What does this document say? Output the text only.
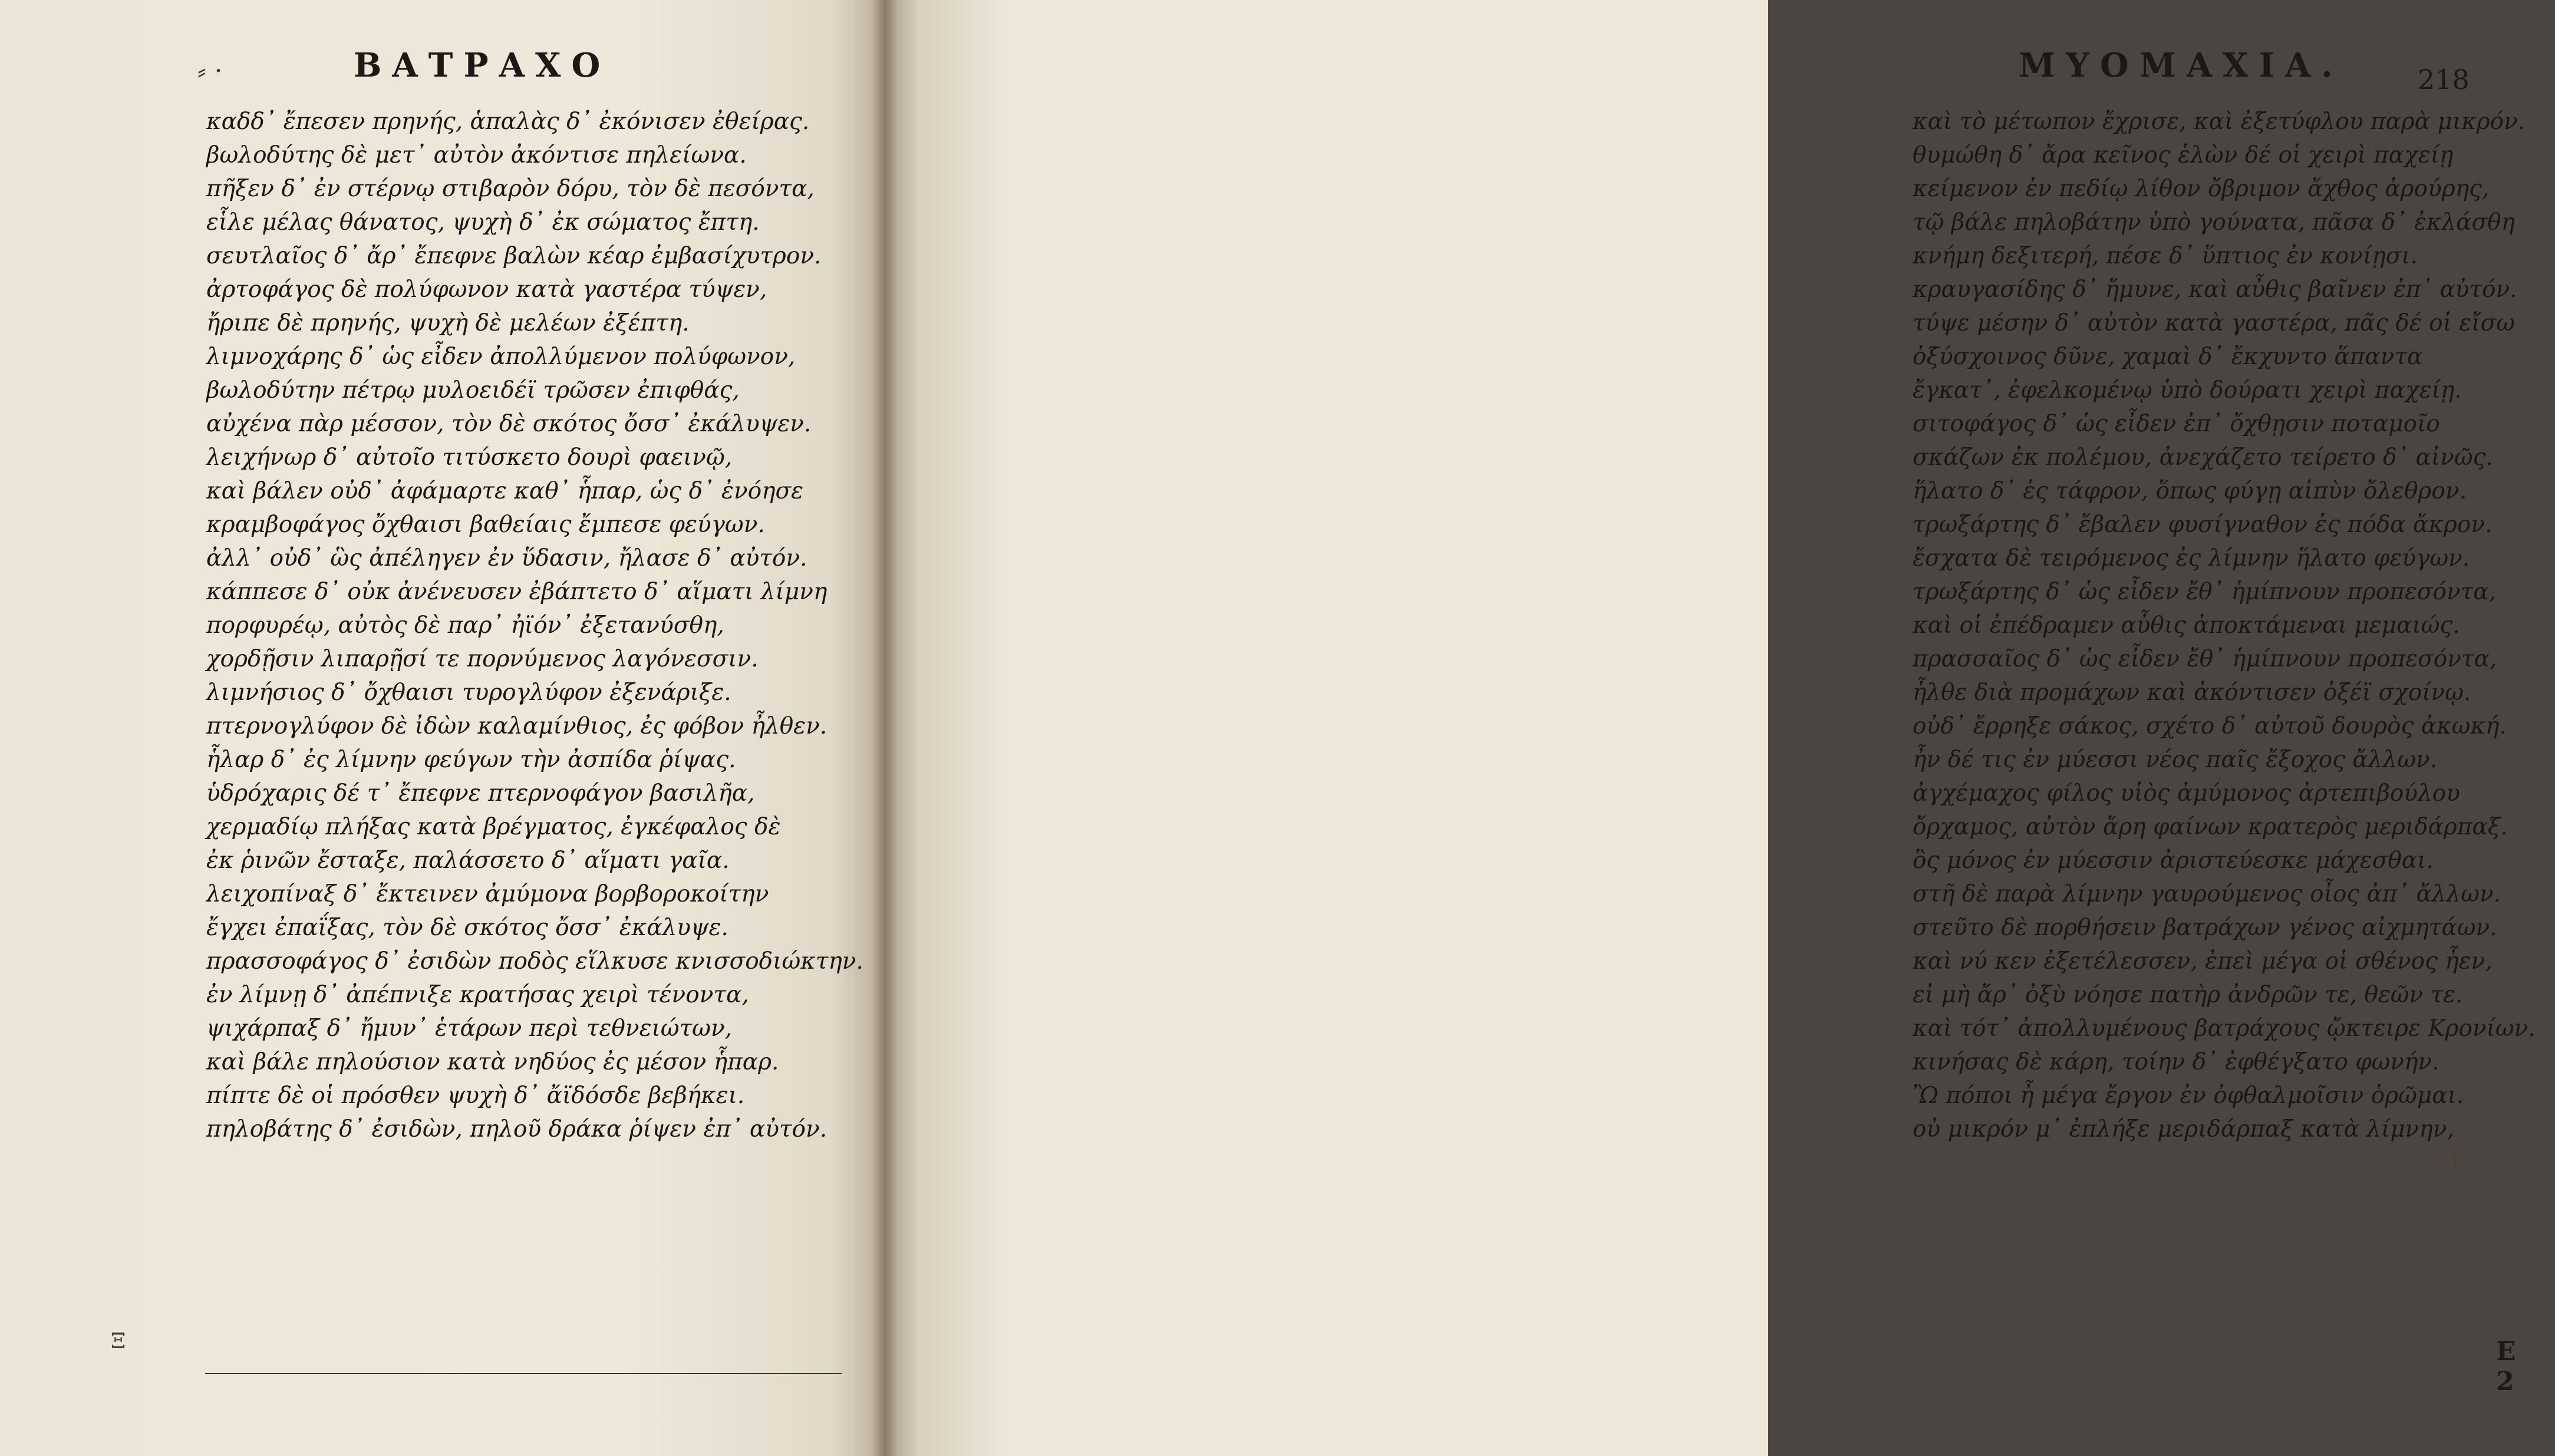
⸗ ·	ΒΑΤΡΑΧΟ
καδδ᾽ ἔπεσεν πρηνής, ἁπαλὰς δ᾽ ἐκόνισεν ἐθείρας.
βωλοδύτης δὲ μετ᾽ αὐτὸν ἀκόντισε πηλείωνα.
πῆξεν δ᾽ ἐν στέρνῳ στιβαρὸν δόρυ, τὸν δὲ πεσόντα,
εἷλε μέλας θάνατος, ψυχὴ δ᾽ ἐκ σώματος ἔπτη.
σευτλαῖος δ᾽ ἄρ᾽ ἔπεφνε βαλὼν κέαρ ἐμβασίχυτρον.
ἀρτοφάγος δὲ πολύφωνον κατὰ γαστέρα τύψεν,
ἤριπε δὲ πρηνής, ψυχὴ δὲ μελέων ἐξέπτη.
λιμνοχάρης δ᾽ ὡς εἶδεν ἀπολλύμενον πολύφωνον,
βωλοδύτην πέτρῳ μυλοειδέϊ τρῶσεν ἐπιφθάς,
αὐχένα πὰρ μέσσον, τὸν δὲ σκότος ὄσσ᾽ ἐκάλυψεν.
λειχήνωρ δ᾽ αὐτοῖο τιτύσκετο δουρὶ φαεινῷ,
καὶ βάλεν οὐδ᾽ ἀφάμαρτε καθ᾽ ἧπαρ, ὡς δ᾽ ἐνόησε
κραμβοφάγος ὄχθαισι βαθείαις ἔμπεσε φεύγων.
ἀλλ᾽ οὐδ᾽ ὣς ἀπέληγεν ἐν ὕδασιν, ἤλασε δ᾽ αὐτόν.
κάππεσε δ᾽ οὐκ ἀνένευσεν ἐβάπτετο δ᾽ αἵματι λίμνη
πορφυρέῳ, αὐτὸς δὲ παρ᾽ ἠϊόν᾽ ἐξετανύσθη,
χορδῇσιν λιπαρῇσί τε πορνύμενος λαγόνεσσιν.
λιμνήσιος δ᾽ ὄχθαισι τυρογλύφον ἐξενάριξε.
πτερνογλύφον δὲ ἰδὼν καλαμίνθιος, ἐς φόβον ἦλθεν.
ἧλαρ δ᾽ ἐς λίμνην φεύγων τὴν ἀσπίδα ῥίψας.
ὑδρόχαρις δέ τ᾽ ἔπεφνε πτερνοφάγον βασιλῆα,
χερμαδίῳ πλήξας κατὰ βρέγματος, ἐγκέφαλος δὲ
ἐκ ῥινῶν ἔσταξε, παλάσσετο δ᾽ αἵματι γαῖα.
λειχοπίναξ δ᾽ ἔκτεινεν ἀμύμονα βορβοροκοίτην
ἔγχει ἐπαΐξας, τὸν δὲ σκότος ὄσσ᾽ ἐκάλυψε.
πρασσοφάγος δ᾽ ἐσιδὼν ποδὸς εἵλκυσε κνισσοδιώκτην.
ἐν λίμνῃ δ᾽ ἀπέπνιξε κρατήσας χειρὶ τένοντα,
ψιχάρπαξ δ᾽ ἤμυν᾽ ἑτάρων περὶ τεθνειώτων,
καὶ βάλε πηλούσιον κατὰ νηδύος ἐς μέσον ἧπαρ.
πίπτε δὲ οἱ πρόσθεν ψυχὴ δ᾽ ἄϊδόσδε βεβήκει.
πηλοβάτης δ᾽ ἐσιδὼν, πηλοῦ δράκα ῥίψεν ἐπ᾽ αὐτόν.
Ξ
ΜΥΟΜΑΧΙΑ.	218
καὶ τὸ μέτωπον ἔχρισε, καὶ ἐξετύφλου παρὰ μικρόν.
θυμώθη δ᾽ ἄρα κεῖνος ἑλὼν δέ οἱ χειρὶ παχείῃ
κείμενον ἐν πεδίῳ λίθον ὄβριμον ἄχθος ἀρούρης,
τῷ βάλε πηλοβάτην ὑπὸ γούνατα, πᾶσα δ᾽ ἐκλάσθη
κνήμη δεξιτερή, πέσε δ᾽ ὕπτιος ἐν κονίῃσι.
κραυγασίδης δ᾽ ἤμυνε, καὶ αὖθις βαῖνεν ἐπ᾽ αὐτόν.
τύψε μέσην δ᾽ αὐτὸν κατὰ γαστέρα, πᾶς δέ οἱ εἴσω
ὀξύσχοινος δῦνε, χαμαὶ δ᾽ ἔκχυντο ἅπαντα
ἔγκατ᾽, ἐφελκομένῳ ὑπὸ δούρατι χειρὶ παχείῃ.
σιτοφάγος δ᾽ ὡς εἶδεν ἐπ᾽ ὄχθῃσιν ποταμοῖο
σκάζων ἐκ πολέμου, ἀνεχάζετο τείρετο δ᾽ αἰνῶς.
ἥλατο δ᾽ ἐς τάφρον, ὅπως φύγῃ αἰπὺν ὄλεθρον.
τρωξάρτης δ᾽ ἔβαλεν φυσίγναθον ἐς πόδα ἄκρον.
ἔσχατα δὲ τειρόμενος ἐς λίμνην ἥλατο φεύγων.
τρωξάρτης δ᾽ ὡς εἶδεν ἔθ᾽ ἡμίπνουν προπεσόντα,
καὶ οἱ ἐπέδραμεν αὖθις ἀποκτάμεναι μεμαιώς.
πρασσαῖος δ᾽ ὡς εἶδεν ἔθ᾽ ἡμίπνουν προπεσόντα,
ἦλθε διὰ προμάχων καὶ ἀκόντισεν ὀξέϊ σχοίνῳ.
οὐδ᾽ ἔρρηξε σάκος, σχέτο δ᾽ αὐτοῦ δουρὸς ἀκωκή.
ἦν δέ τις ἐν μύεσσι νέος παῖς ἔξοχος ἄλλων.
ἀγχέμαχος φίλος υἱὸς ἀμύμονος ἀρτεπιβούλου
ὄρχαμος, αὐτὸν ἄρη φαίνων κρατερὸς μεριδάρπαξ.
ὃς μόνος ἐν μύεσσιν ἀριστεύεσκε μάχεσθαι.
στῆ δὲ παρὰ λίμνην γαυρούμενος οἶος ἀπ᾽ ἄλλων.
στεῦτο δὲ πορθήσειν βατράχων γένος αἰχμητάων.
καὶ νύ κεν ἐξετέλεσσεν, ἐπεὶ μέγα οἱ σθένος ἦεν,
εἰ μὴ ἄρ᾽ ὀξὺ νόησε πατὴρ ἀνδρῶν τε, θεῶν τε.
καὶ τότ᾽ ἀπολλυμένους βατράχους ᾤκτειρε Κρονίων.
κινήσας δὲ κάρη, τοίην δ᾽ ἐφθέγξατο φωνήν.
Ὢ πόποι ἦ μέγα ἔργον ἐν ὀφθαλμοῖσιν ὁρῶμαι.
οὐ μικρόν μ᾽ ἐπλήξε μεριδάρπαξ κατὰ λίμνην,
E 2
ʃ
